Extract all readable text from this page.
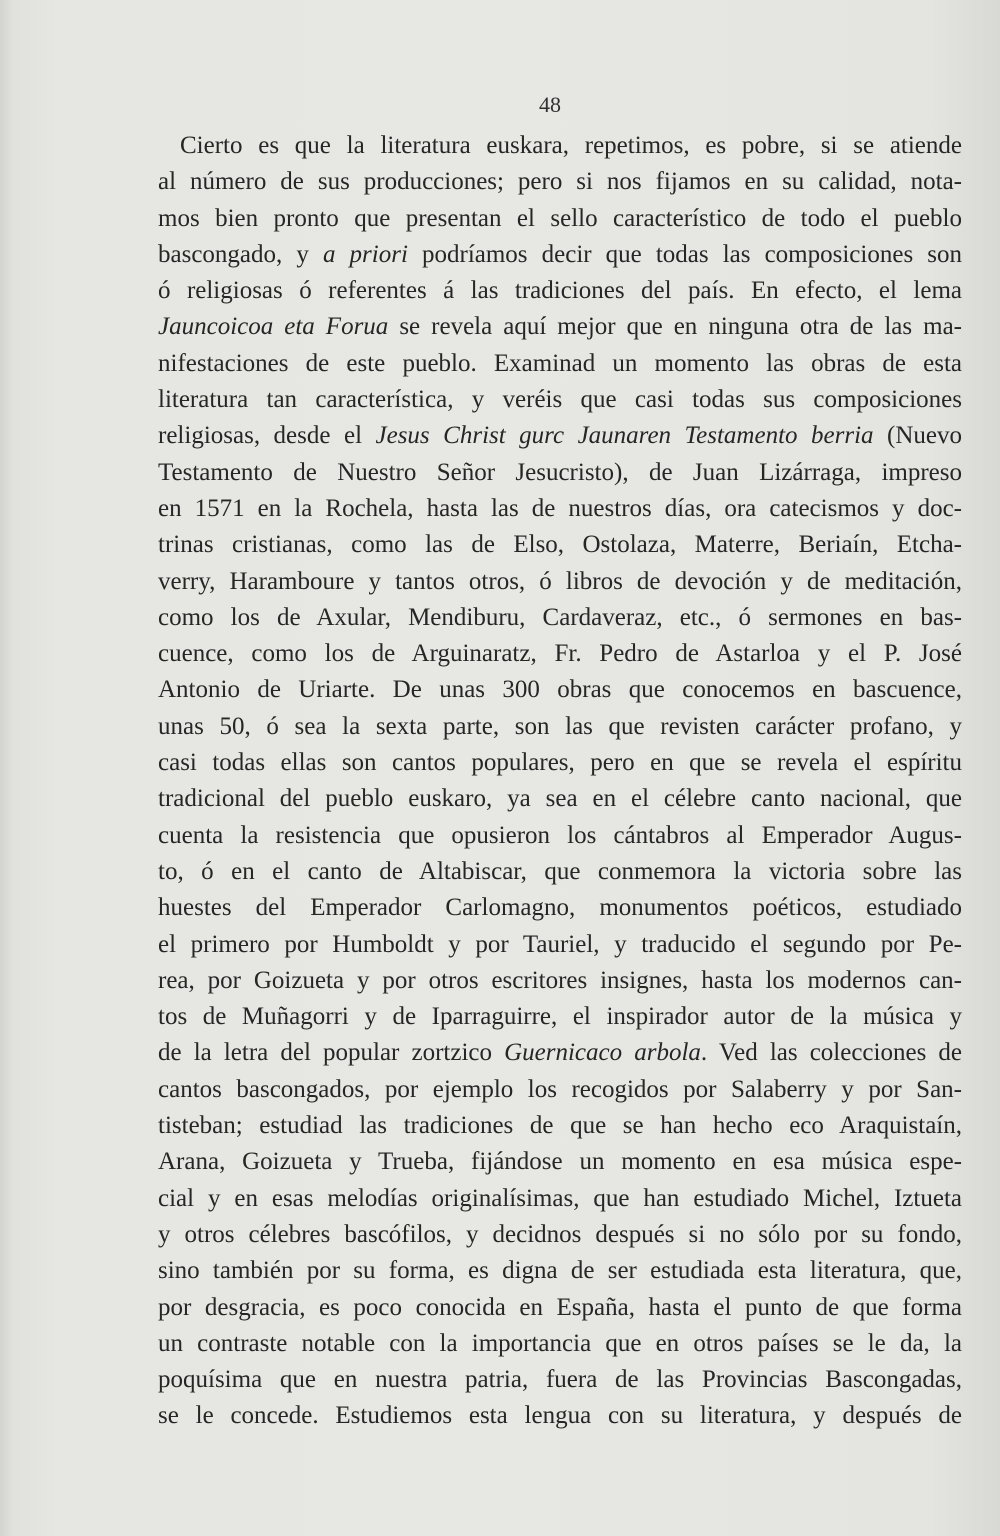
48
Cierto es que la literatura euskara, repetimos, es pobre, si se atiende
al número de sus producciones; pero si nos fijamos en su calidad, nota-
mos bien pronto que presentan el sello característico de todo el pueblo
bascongado, y a priori podríamos decir que todas las composiciones son
ó religiosas ó referentes á las tradiciones del país. En efecto, el lema
Jauncoicoa eta Forua se revela aquí mejor que en ninguna otra de las ma-
nifestaciones de este pueblo. Examinad un momento las obras de esta
literatura tan característica, y veréis que casi todas sus composiciones
religiosas, desde el Jesus Christ gurc Jaunaren Testamento berria (Nuevo
Testamento de Nuestro Señor Jesucristo), de Juan Lizárraga, impreso
en 1571 en la Rochela, hasta las de nuestros días, ora catecismos y doc-
trinas cristianas, como las de Elso, Ostolaza, Materre, Beriaín, Etcha-
verry, Haramboure y tantos otros, ó libros de devoción y de meditación,
como los de Axular, Mendiburu, Cardaveraz, etc., ó sermones en bas-
cuence, como los de Arguinaratz, Fr. Pedro de Astarloa y el P. José
Antonio de Uriarte. De unas 300 obras que conocemos en bascuence,
unas 50, ó sea la sexta parte, son las que revisten carácter profano, y
casi todas ellas son cantos populares, pero en que se revela el espíritu
tradicional del pueblo euskaro, ya sea en el célebre canto nacional, que
cuenta la resistencia que opusieron los cántabros al Emperador Augus-
to, ó en el canto de Altabiscar, que conmemora la victoria sobre las
huestes del Emperador Carlomagno, monumentos poéticos, estudiado
el primero por Humboldt y por Tauriel, y traducido el segundo por Pe-
rea, por Goizueta y por otros escritores insignes, hasta los modernos can-
tos de Muñagorri y de Iparraguirre, el inspirador autor de la música y
de la letra del popular zortzico Guernicaco arbola. Ved las colecciones de
cantos bascongados, por ejemplo los recogidos por Salaberry y por San-
tisteban; estudiad las tradiciones de que se han hecho eco Araquistaín,
Arana, Goizueta y Trueba, fijándose un momento en esa música espe-
cial y en esas melodías originalísimas, que han estudiado Michel, Iztueta
y otros célebres bascófilos, y decidnos después si no sólo por su fondo,
sino también por su forma, es digna de ser estudiada esta literatura, que,
por desgracia, es poco conocida en España, hasta el punto de que forma
un contraste notable con la importancia que en otros países se le da, la
poquísima que en nuestra patria, fuera de las Provincias Bascongadas,
se le concede. Estudiemos esta lengua con su literatura, y después de
